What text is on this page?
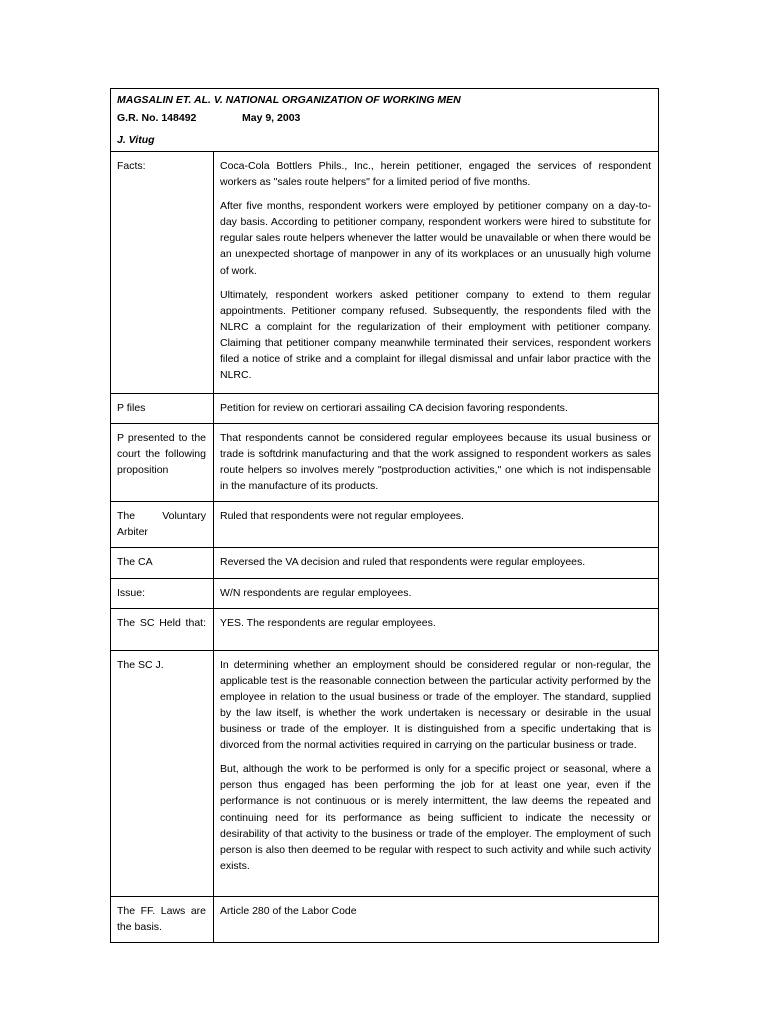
MAGSALIN ET. AL. V. NATIONAL ORGANIZATION OF WORKING MEN
G.R. No. 148492 May 9, 2003
J. Vitug	

Facts:	Coca-Cola Bottlers Phils., Inc., herein petitioner, engaged the services of respondent workers as "sales route helpers" for a limited period of five months.

After five months, respondent workers were employed by petitioner company on a day-to-day basis. According to petitioner company, respondent workers were hired to substitute for regular sales route helpers whenever the latter would be unavailable or when there would be an unexpected shortage of manpower in any of its workplaces or an unusually high volume of work.

Ultimately, respondent workers asked petitioner company to extend to them regular appointments. Petitioner company refused. Subsequently, the respondents filed with the NLRC a complaint for the regularization of their employment with petitioner company. Claiming that petitioner company meanwhile terminated their services, respondent workers filed a notice of strike and a complaint for illegal dismissal and unfair labor practice with the NLRC.

P files	Petition for review on certiorari assailing CA decision favoring respondents.

P presented to the court the following proposition	That respondents cannot be considered regular employees because its usual business or trade is softdrink manufacturing and that the work assigned to respondent workers as sales route helpers so involves merely "postproduction activities," one which is not indispensable in the manufacture of its products.

The Voluntary Arbiter	Ruled that respondents were not regular employees.

The CA	Reversed the VA decision and ruled that respondents were regular employees.

Issue:	W/N respondents are regular employees.

The SC Held that:	YES. The respondents are regular employees.

The SC J.	In determining whether an employment should be considered regular or non-regular, the applicable test is the reasonable connection between the particular activity performed by the employee in relation to the usual business or trade of the employer. The standard, supplied by the law itself, is whether the work undertaken is necessary or desirable in the usual business or trade of the employer. It is distinguished from a specific undertaking that is divorced from the normal activities required in carrying on the particular business or trade.

But, although the work to be performed is only for a specific project or seasonal, where a person thus engaged has been performing the job for at least one year, even if the performance is not continuous or is merely intermittent, the law deems the repeated and continuing need for its performance as being sufficient to indicate the necessity or desirability of that activity to the business or trade of the employer. The employment of such person is also then deemed to be regular with respect to such activity and while such activity exists.

The FF. Laws are the basis.	Article 280 of the Labor Code
